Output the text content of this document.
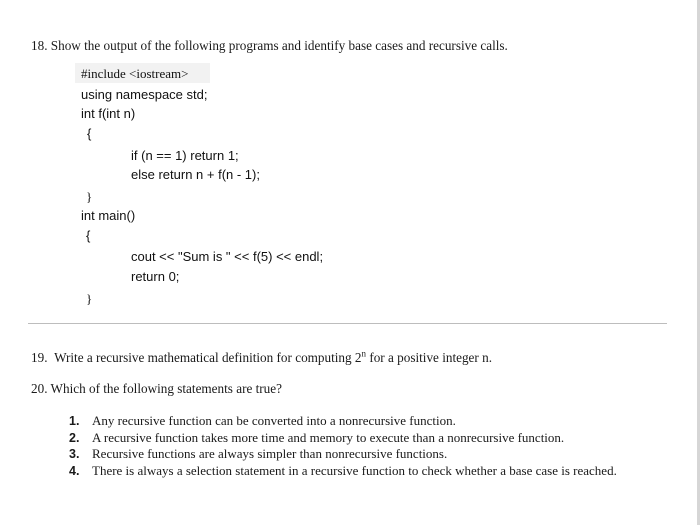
18. Show the output of the following programs and identify base cases and recursive calls.
#include <iostream>
using namespace std;
int f(int n)
{
if (n == 1) return 1;
else return n + f(n - 1);
}
int main()
{
cout << "Sum is " << f(5) << endl;
return 0;
}
19. Write a recursive mathematical definition for computing 2$^n$ for a positive integer n.
20. Which of the following statements are true?

1. Any recursive function can be converted into a nonrecursive function.

2. A recursive function takes more time and memory to execute than a nonrecursive function.

3. Recursive functions are always simpler than nonrecursive functions.

4. There is always a selection statement in a recursive function to check whether a base case is reached.
